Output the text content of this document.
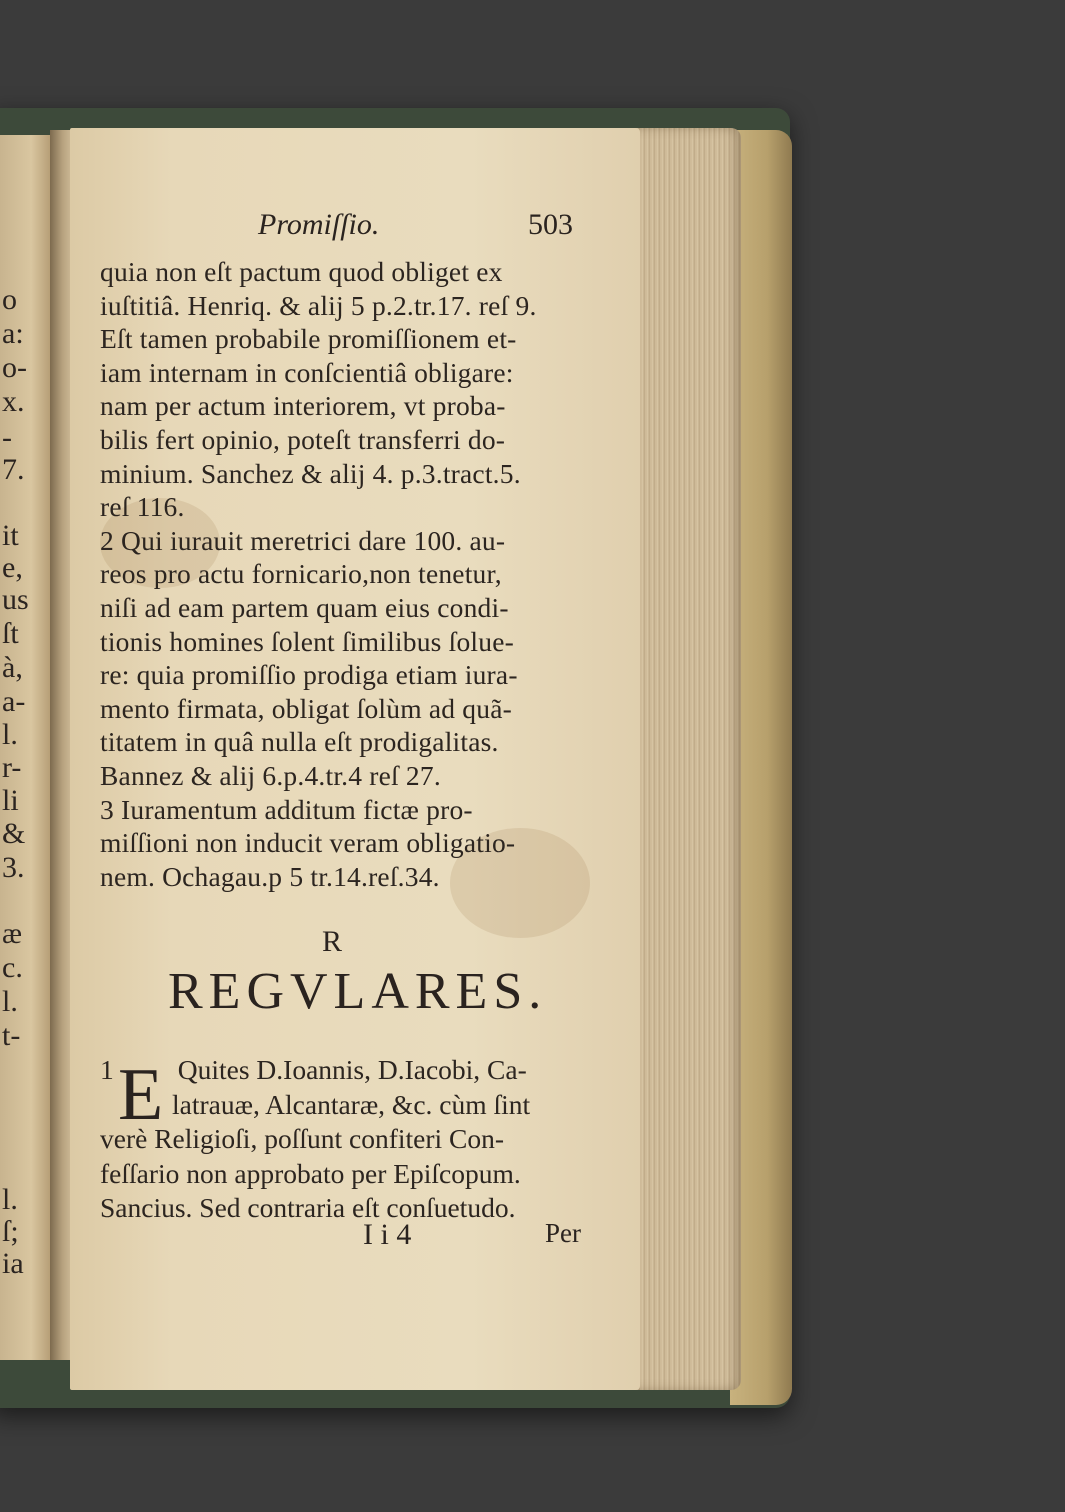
o
a:
o-
x.
-
7.
it
e,
us
ſt
à,
a-
l.
r-
li
&
3.
æ
c.
l.
t-
l.
ſ;
ia
Promiſſio.	503
quia non eſt pactum quod obliget ex
iuſtitiâ. Henriq. & alij 5 p.2.tr.17. reſ 9.
Eſt tamen probabile promiſſionem et-
iam internam in conſcientiâ obligare:
nam per actum interiorem, vt proba-
bilis fert opinio, poteſt transferri do-
minium. Sanchez & alij 4. p.3.tract.5.
reſ 116.
2 Qui iurauit meretrici dare 100. au-
reos pro actu fornicario,non tenetur,
niſi ad eam partem quam eius condi-
tionis homines ſolent ſimilibus ſolue-
re: quia promiſſio prodiga etiam iura-
mento firmata, obligat ſolùm ad quã-
titatem in quâ nulla eſt prodigalitas.
Bannez & alij 6.p.4.tr.4 reſ 27.
3 Iuramentum additum fictæ pro-
miſſioni non inducit veram obligatio-
nem. Ochagau.p 5 tr.14.reſ.34.
R
REGVLARES.
1 Quites D.Ioannis, D.Iacobi, Ca-
latrauæ, Alcantaræ, &c. cùm ſint
verè Religioſi, poſſunt confiteri Con-
feſſario non approbato per Epiſcopum.
Sancius. Sed contraria eſt conſuetudo.
E
I i 4	Per
